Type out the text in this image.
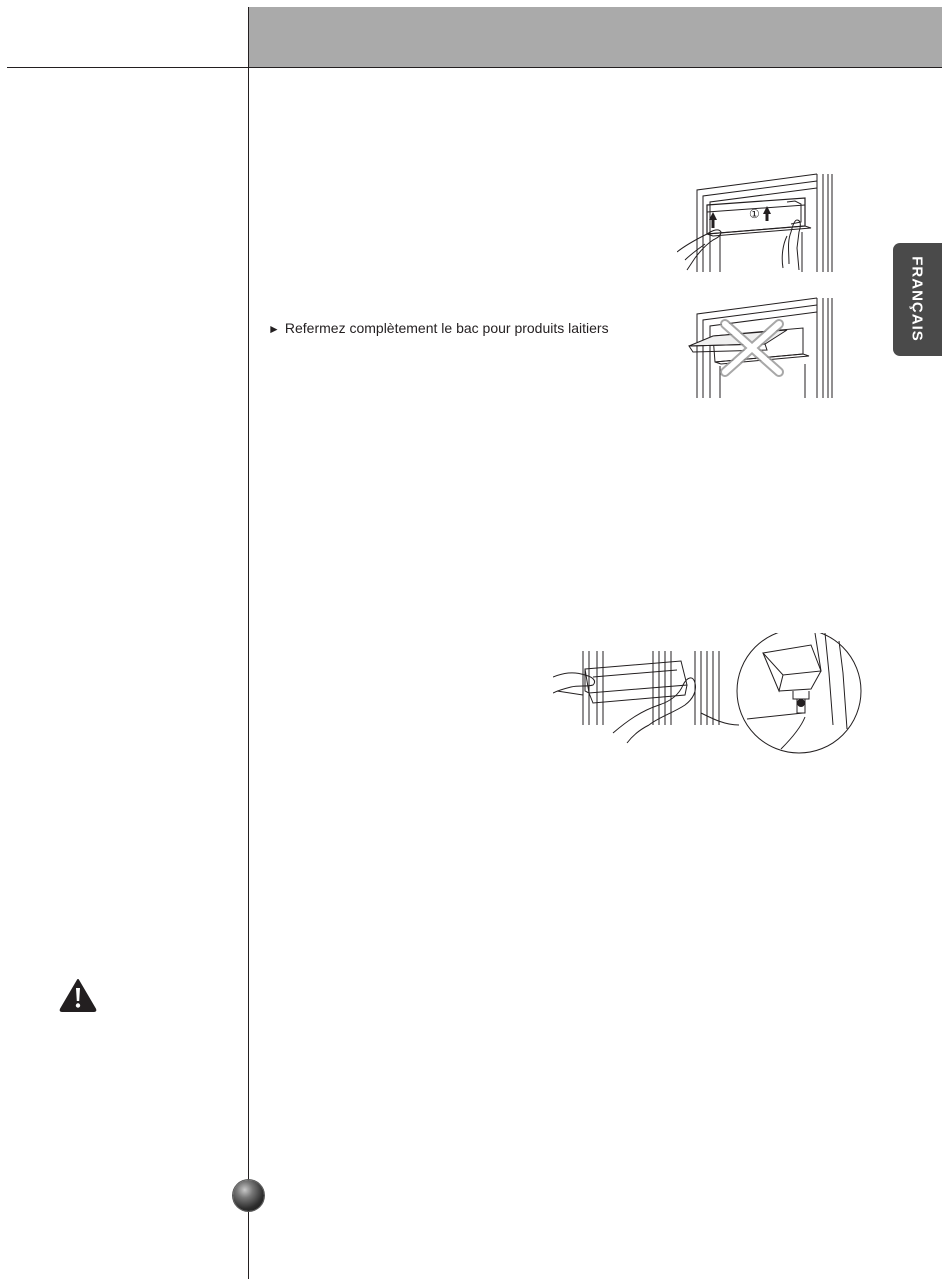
FRANÇAIS
①
► Refermez complètement le bac pour produits laitiers
